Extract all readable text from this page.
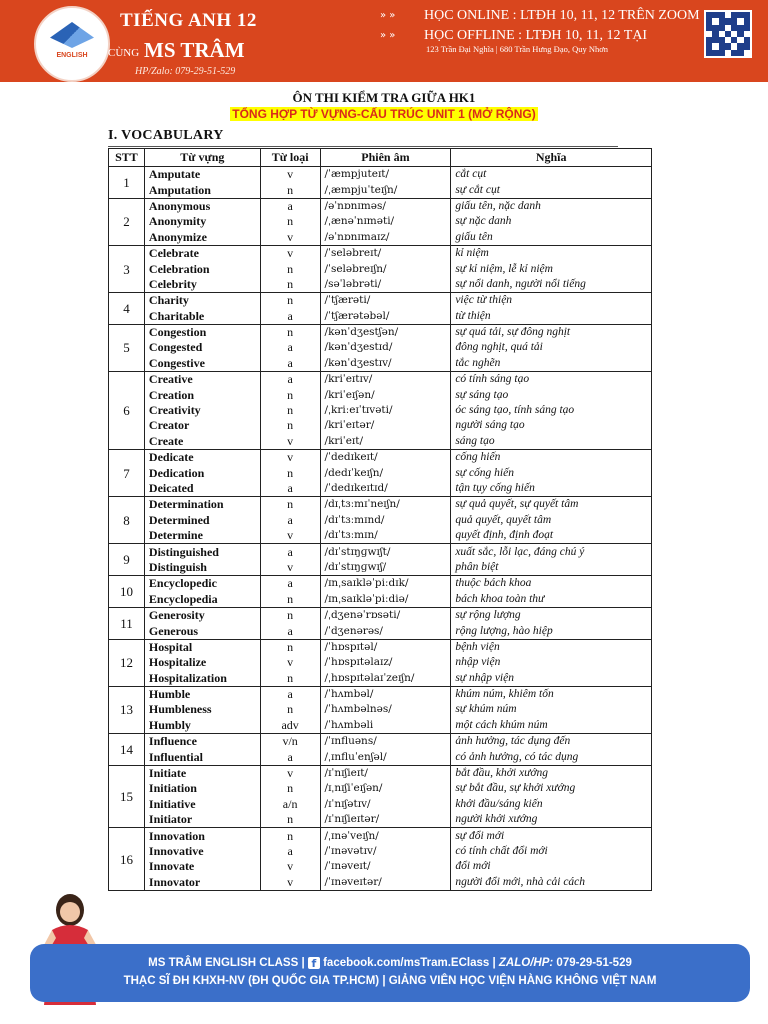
ENGLISH
TIẾNG ANH 12
CÙNG MS TRÂM
HP/Zalo: 079-29-51-529
» » HỌC ONLINE : LTĐH 10, 11, 12 TRÊN ZOOM
» » HỌC OFFLINE : LTĐH 10, 11, 12 TẠI
123 Trần Đại Nghĩa | 680 Trần Hưng Đạo, Quy Nhơn
ÔN THI KIỂM TRA GIỮA HK1
TỔNG HỢP TỪ VỰNG-CẤU TRÚC UNIT 1 (MỞ RỘNG)
I. VOCABULARY
STT	Từ vựng	Từ loại	Phiên âm	Nghĩa
1	Amputate	v	/ˈæmpjuteɪt/	cắt cụt
	Amputation	n	/ˌæmpjuˈteɪʃn/	sự cắt cụt
2	Anonymous	a	/əˈnɒnɪməs/	giấu tên, nặc danh
	Anonymity	n	/ˌænəˈnɪməti/	sự nặc danh
	Anonymize	v	/əˈnɒnɪmaɪz/	giấu tên
3	Celebrate	v	/ˈseləbreɪt/	kỉ niệm
	Celebration	n	/ˈseləbreɪʃn/	sự kỉ niệm, lễ kỉ niệm
	Celebrity	n	/səˈləbrəti/	sự nổi danh, người nổi tiếng
4	Charity	n	/ˈtʃærəti/	việc từ thiện
	Charitable	a	/ˈtʃærətəbəl/	từ thiện
5	Congestion	n	/kənˈdʒestʃən/	sự quá tải, sự đông nghịt
	Congested	a	/kənˈdʒestɪd/	đông nghịt, quá tải
	Congestive	a	/kənˈdʒestɪv/	tắc nghẽn
6	Creative	a	/kriˈeɪtɪv/	có tính sáng tạo
	Creation	n	/kriˈeɪʃən/	sự sáng tạo
	Creativity	n	/ˌkriːeɪˈtɪvəti/	óc sáng tạo, tính sáng tạo
	Creator	n	/kriˈeɪtər/	người sáng tạo
	Create	v	/kriˈeɪt/	sáng tạo
7	Dedicate	v	/ˈdedɪkeɪt/	cống hiến
	Dedication	n	/dedɪˈkeɪʃn/	sự cống hiến
	Deicated	a	/ˈdedɪkeɪtɪd/	tận tụy cống hiến
8	Determination	n	/dɪˌtɜːmɪˈneɪʃn/	sự quả quyết, sự quyết tâm
	Determined	a	/dɪˈtɜːmɪnd/	quả quyết, quyết tâm
	Determine	v	/dɪˈtɜːmɪn/	quyết định, định đoạt
9	Distinguished	a	/dɪˈstɪŋɡwɪʃt/	xuất sắc, lỗi lạc, đáng chú ý
	Distinguish	v	/dɪˈstɪŋɡwɪʃ/	phân biệt
10	Encyclopedic	a	/ɪnˌsaɪkləˈpiːdɪk/	thuộc bách khoa
	Encyclopedia	n	/ɪnˌsaɪkləˈpiːdiə/	bách khoa toàn thư
11	Generosity	n	/ˌdʒenəˈrɒsəti/	sự rộng lượng
	Generous	a	/ˈdʒenərəs/	rộng lượng, hào hiệp
12	Hospital	n	/ˈhɒspɪtəl/	bệnh viện
	Hospitalize	v	/ˈhɒspɪtəlaɪz/	nhập viện
	Hospitalization	n	/ˌhɒspɪtəlaɪˈzeɪʃn/	sự nhập viện
13	Humble	a	/ˈhʌmbəl/	khúm núm, khiêm tốn
	Humbleness	n	/ˈhʌmbəlnəs/	sự khúm núm
	Humbly	adv	/ˈhʌmbəli	một cách khúm núm
14	Influence	v/n	/ˈɪnfluəns/	ảnh hưởng, tác dụng đến
	Influential	a	/ˌɪnfluˈenʃəl/	có ảnh hưởng, có tác dụng
15	Initiate	v	/ɪˈnɪʃieɪt/	bắt đầu, khởi xướng
	Initiation	n	/ɪˌnɪʃiˈeɪʃən/	sự bắt đầu, sự khởi xướng
	Initiative	a/n	/ɪˈnɪʃətɪv/	khởi đầu/sáng kiến
	Initiator	n	/ɪˈnɪʃieɪtər/	người khởi xướng
16	Innovation	n	/ˌɪnəˈveɪʃn/	sự đổi mới
	Innovative	a	/ˈɪnəvətɪv/	có tính chất đổi mới
	Innovate	v	/ˈɪnəveɪt/	đổi mới
	Innovator	v	/ˈɪnəveɪtər/	người đổi mới, nhà cải cách
MS TRÂM ENGLISH CLASS | f facebook.com/msTram.EClass | ZALO/HP: 079-29-51-529
THẠC SĨ ĐH KHXH-NV (ĐH QUỐC GIA TP.HCM) | GIẢNG VIÊN HỌC VIỆN HÀNG KHÔNG VIỆT NAM
